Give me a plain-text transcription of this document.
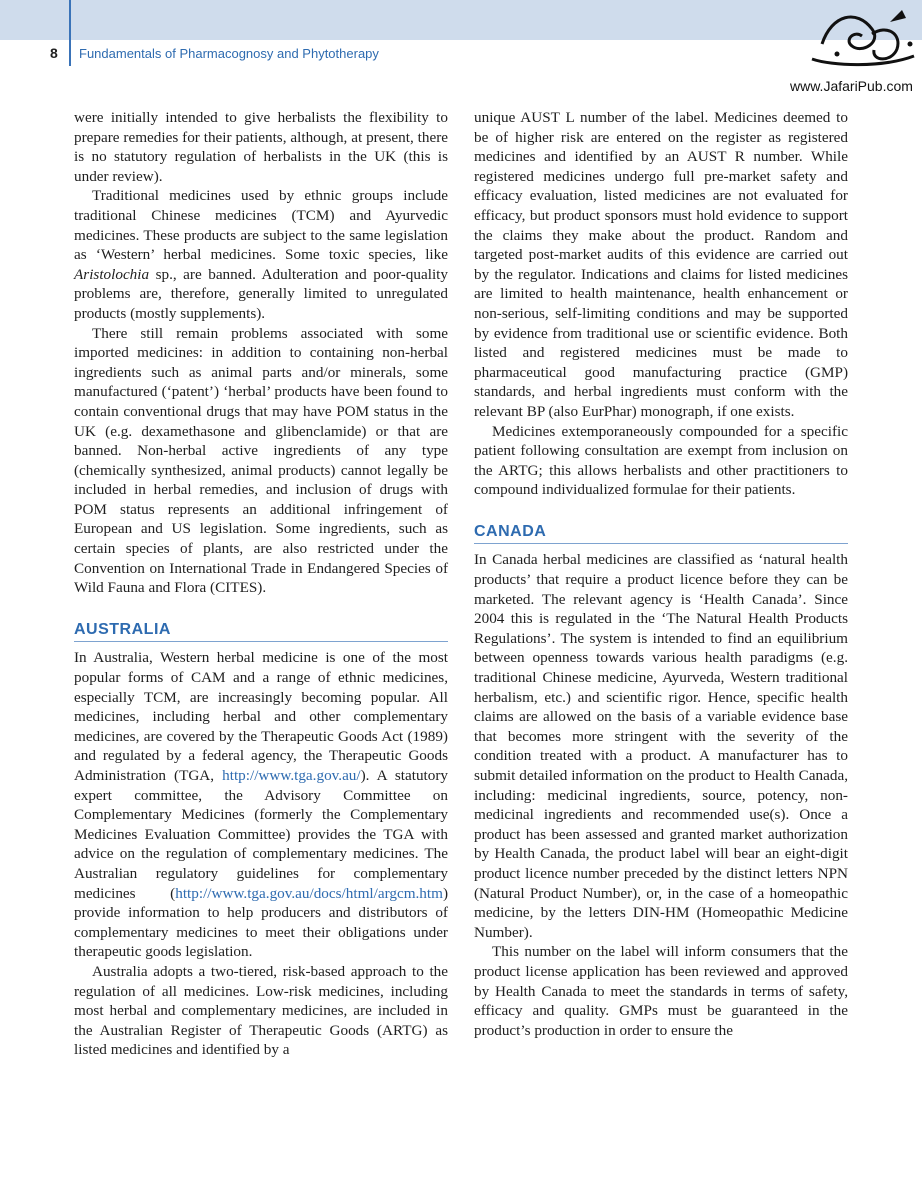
8 Fundamentals of Pharmacognosy and Phytotherapy
www.JafariPub.com

were initially intended to give herbalists the flexibility to prepare remedies for their patients, although, at present, there is no statutory regulation of herbalists in the UK (this is under review).

Traditional medicines used by ethnic groups include traditional Chinese medicines (TCM) and Ayurvedic medicines. These products are subject to the same legislation as ‘Western’ herbal medicines. Some toxic species, like Aristolochia sp., are banned. Adulteration and poor-quality problems are, therefore, generally limited to unregulated products (mostly supplements).

There still remain problems associated with some imported medicines: in addition to containing non-herbal ingredients such as animal parts and/or minerals, some manufactured (‘patent’) ‘herbal’ products have been found to contain conventional drugs that may have POM status in the UK (e.g. dexamethasone and glibenclamide) or that are banned. Non-herbal active ingredients of any type (chemically synthesized, animal products) cannot legally be included in herbal remedies, and inclusion of drugs with POM status represents an additional infringement of European and US legislation. Some ingredients, such as certain species of plants, are also restricted under the Convention on International Trade in Endangered Species of Wild Fauna and Flora (CITES).

AUSTRALIA

In Australia, Western herbal medicine is one of the most popular forms of CAM and a range of ethnic medicines, especially TCM, are increasingly becoming popular. All medicines, including herbal and other complementary medicines, are covered by the Therapeutic Goods Act (1989) and regulated by a federal agency, the Therapeutic Goods Administration (TGA, http://www.tga.gov.au/). A statutory expert committee, the Advisory Committee on Complementary Medicines (formerly the Complementary Medicines Evaluation Committee) provides the TGA with advice on the regulation of complementary medicines. The Australian regulatory guidelines for complementary medicines (http://www.tga.gov.au/docs/html/argcm.htm) provide information to help producers and distributors of complementary medicines to meet their obligations under therapeutic goods legislation.

Australia adopts a two-tiered, risk-based approach to the regulation of all medicines. Low-risk medicines, including most herbal and complementary medicines, are included in the Australian Register of Therapeutic Goods (ARTG) as listed medicines and identified by a

unique AUST L number of the label. Medicines deemed to be of higher risk are entered on the register as registered medicines and identified by an AUST R number. While registered medicines undergo full pre-market safety and efficacy evaluation, listed medicines are not evaluated for efficacy, but product sponsors must hold evidence to support the claims they make about the product. Random and targeted post-market audits of this evidence are carried out by the regulator. Indications and claims for listed medicines are limited to health maintenance, health enhancement or non-serious, self-limiting conditions and may be supported by evidence from traditional use or scientific evidence. Both listed and registered medicines must be made to pharmaceutical good manufacturing practice (GMP) standards, and herbal ingredients must conform with the relevant BP (also EurPhar) monograph, if one exists.

Medicines extemporaneously compounded for a specific patient following consultation are exempt from inclusion on the ARTG; this allows herbalists and other practitioners to compound individualized formulae for their patients.

CANADA

In Canada herbal medicines are classified as ‘natural health products’ that require a product licence before they can be marketed. The relevant agency is ‘Health Canada’. Since 2004 this is regulated in the ‘The Natural Health Products Regulations’. The system is intended to find an equilibrium between openness towards various health paradigms (e.g. traditional Chinese medicine, Ayurveda, Western traditional herbalism, etc.) and scientific rigor. Hence, specific health claims are allowed on the basis of a variable evidence base that becomes more stringent with the severity of the condition treated with a product. A manufacturer has to submit detailed information on the product to Health Canada, including: medicinal ingredients, source, potency, non-medicinal ingredients and recommended use(s). Once a product has been assessed and granted market authorization by Health Canada, the product label will bear an eight-digit product licence number preceded by the distinct letters NPN (Natural Product Number), or, in the case of a homeopathic medicine, by the letters DIN-HM (Homeopathic Medicine Number).

This number on the label will inform consumers that the product license application has been reviewed and approved by Health Canada to meet the standards in terms of safety, efficacy and quality. GMPs must be guaranteed in the product’s production in order to ensure the
